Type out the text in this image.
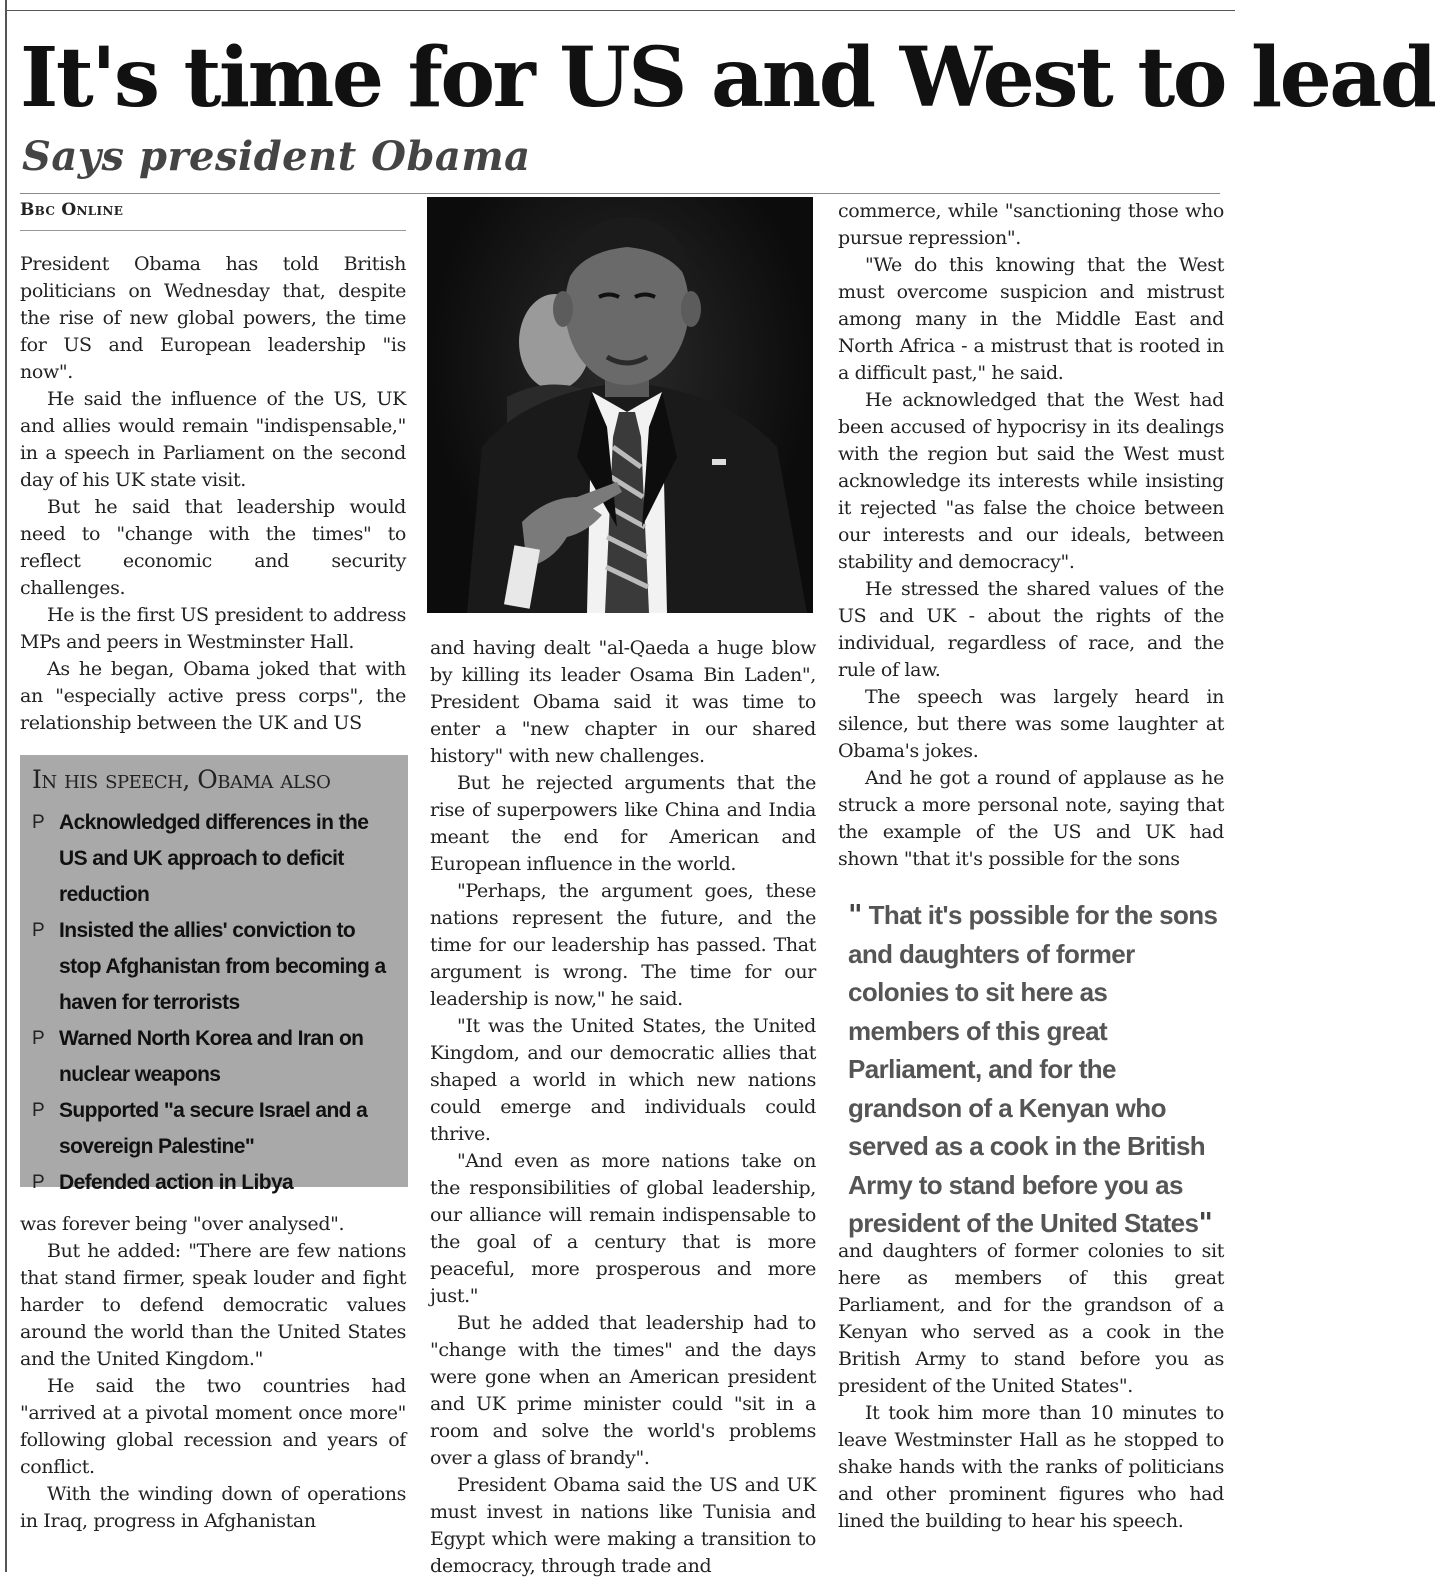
It's time for US and West to lead
Says president Obama
Bbc Online

President Obama has told British politicians on Wednesday that, despite the rise of new global powers, the time for US and European leadership "is now".

He said the influence of the US, UK and allies would remain "indispensable," in a speech in Parliament on the second day of his UK state visit.

But he said that leadership would need to "change with the times" to reflect economic and security challenges.

He is the first US president to address MPs and peers in Westminster Hall.

As he began, Obama joked that with an "especially active press corps", the relationship between the UK and US

In his speech, Obama also
P Acknowledged differences in the US and UK approach to deficit reduction
P Insisted the allies' conviction to stop Afghanistan from becoming a haven for terrorists
P Warned North Korea and Iran on nuclear weapons
P Supported "a secure Israel and a sovereign Palestine"
P Defended action in Libya

was forever being "over analysed".

But he added: "There are few nations that stand firmer, speak louder and fight harder to defend democratic values around the world than the United States and the United Kingdom."

He said the two countries had "arrived at a pivotal moment once more" following global recession and years of conflict.

With the winding down of operations in Iraq, progress in Afghanistan

and having dealt "al-Qaeda a huge blow by killing its leader Osama Bin Laden", President Obama said it was time to enter a "new chapter in our shared history" with new challenges.

But he rejected arguments that the rise of superpowers like China and India meant the end for American and European influence in the world.

"Perhaps, the argument goes, these nations represent the future, and the time for our leadership has passed. That argument is wrong. The time for our leadership is now," he said.

"It was the United States, the United Kingdom, and our democratic allies that shaped a world in which new nations could emerge and individuals could thrive.

"And even as more nations take on the responsibilities of global leadership, our alliance will remain indispensable to the goal of a century that is more peaceful, more prosperous and more just."

But he added that leadership had to "change with the times" and the days were gone when an American president and UK prime minister could "sit in a room and solve the world's problems over a glass of brandy".

President Obama said the US and UK must invest in nations like Tunisia and Egypt which were making a transition to democracy, through trade and

commerce, while "sanctioning those who pursue repression".

"We do this knowing that the West must overcome suspicion and mistrust among many in the Middle East and North Africa - a mistrust that is rooted in a difficult past," he said.

He acknowledged that the West had been accused of hypocrisy in its dealings with the region but said the West must acknowledge its interests while insisting it rejected "as false the choice between our interests and our ideals, between stability and democracy".

He stressed the shared values of the US and UK - about the rights of the individual, regardless of race, and the rule of law.

The speech was largely heard in silence, but there was some laughter at Obama's jokes.

And he got a round of applause as he struck a more personal note, saying that the example of the US and UK had shown "that it's possible for the sons

" That it's possible for the sons and daughters of former colonies to sit here as members of this great Parliament, and for the grandson of a Kenyan who served as a cook in the British Army to stand before you as president of the United States"

and daughters of former colonies to sit here as members of this great Parliament, and for the grandson of a Kenyan who served as a cook in the British Army to stand before you as president of the United States".

It took him more than 10 minutes to leave Westminster Hall as he stopped to shake hands with the ranks of politicians and other prominent figures who had lined the building to hear his speech.
